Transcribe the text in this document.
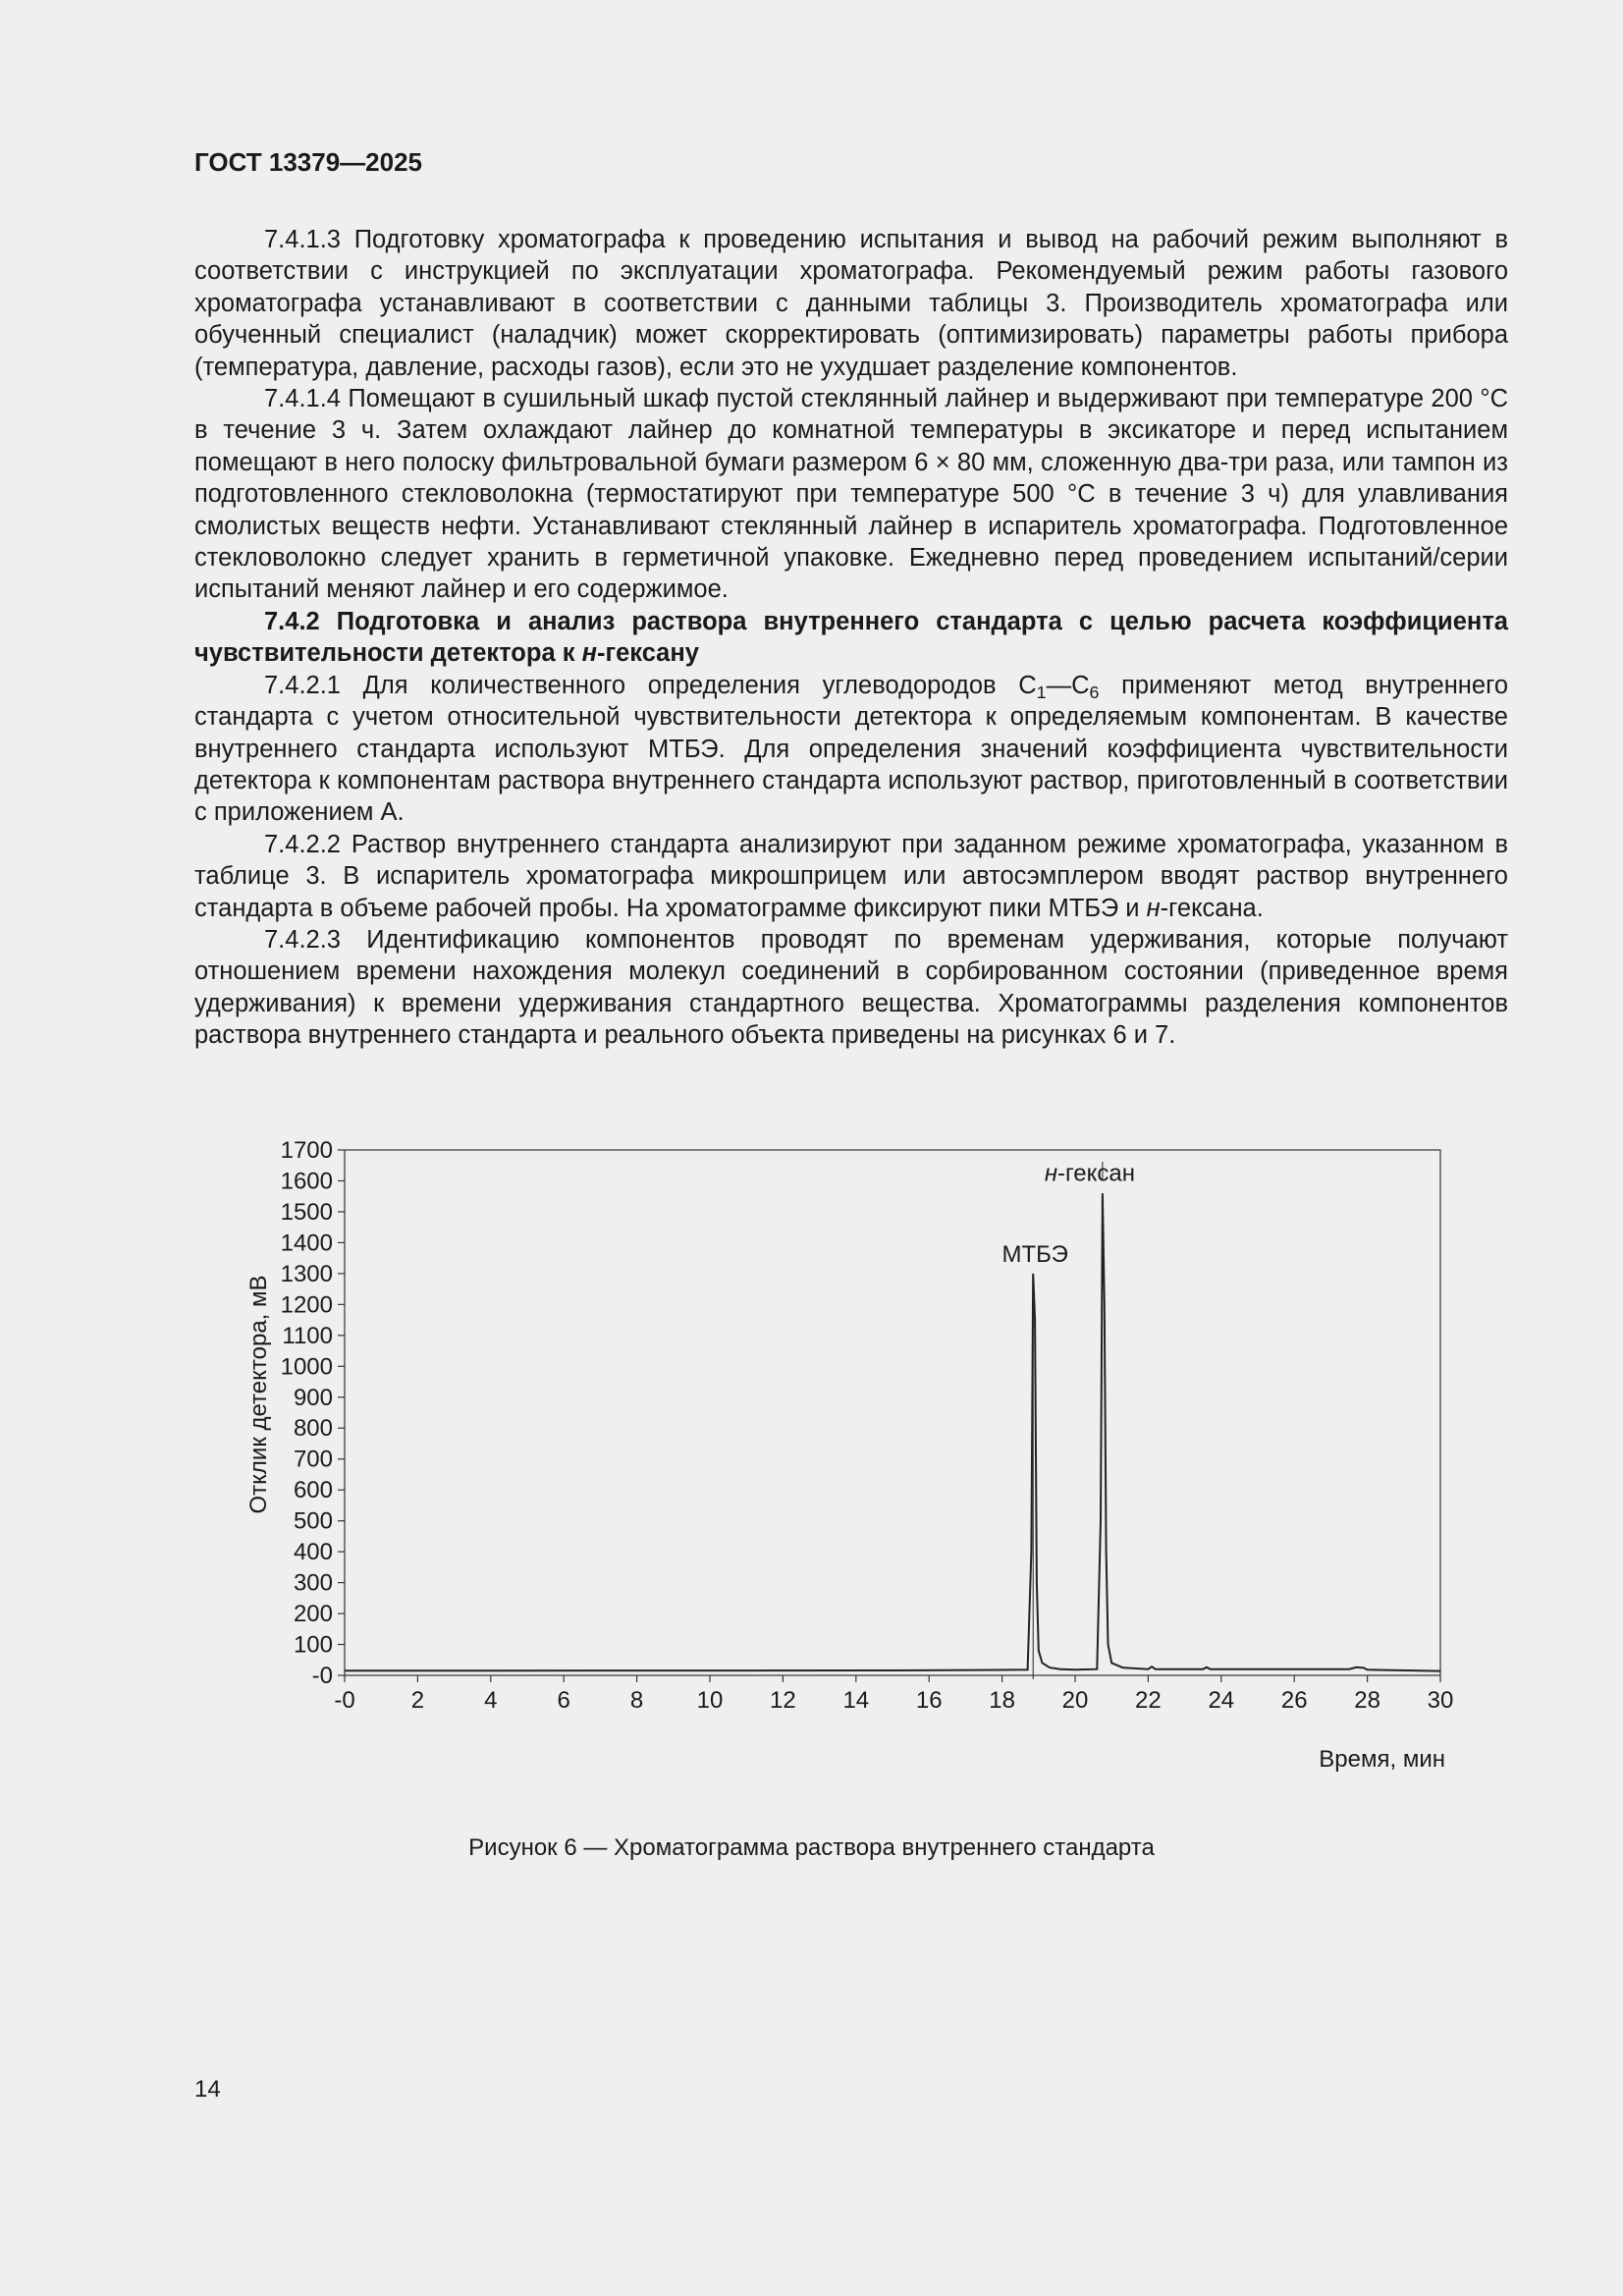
ГОСТ 13379—2025

7.4.1.3 Подготовку хроматографа к проведению испытания и вывод на рабочий режим выполняют в соответствии с инструкцией по эксплуатации хроматографа. Рекомендуемый режим работы газового хроматографа устанавливают в соответствии с данными таблицы 3. Производитель хроматографа или обученный специалист (наладчик) может скорректировать (оптимизировать) параметры работы прибора (температура, давление, расходы газов), если это не ухудшает разделение компонентов.

7.4.1.4 Помещают в сушильный шкаф пустой стеклянный лайнер и выдерживают при температуре 200 °С в течение 3 ч. Затем охлаждают лайнер до комнатной температуры в эксикаторе и перед испытанием помещают в него полоску фильтровальной бумаги размером 6 × 80 мм, сложенную два-три раза, или тампон из подготовленного стекловолокна (термостатируют при температуре 500 °С в течение 3 ч) для улавливания смолистых веществ нефти. Устанавливают стеклянный лайнер в испаритель хроматографа. Подготовленное стекловолокно следует хранить в герметичной упаковке. Ежедневно перед проведением испытаний/серии испытаний меняют лайнер и его содержимое.

7.4.2 Подготовка и анализ раствора внутреннего стандарта с целью расчета коэффициента чувствительности детектора к н-гексану

7.4.2.1 Для количественного определения углеводородов $С_1—С_6$ применяют метод внутреннего стандарта с учетом относительной чувствительности детектора к определяемым компонентам. В качестве внутреннего стандарта используют МТБЭ. Для определения значений коэффициента чувствительности детектора к компонентам раствора внутреннего стандарта используют раствор, приготовленный в соответствии с приложением А.

7.4.2.2 Раствор внутреннего стандарта анализируют при заданном режиме хроматографа, указанном в таблице 3. В испаритель хроматографа микрошприцем или автосэмплером вводят раствор внутреннего стандарта в объеме рабочей пробы. На хроматограмме фиксируют пики МТБЭ и н-гексана.

7.4.2.3 Идентификацию компонентов проводят по временам удерживания, которые получают отношением времени нахождения молекул соединений в сорбированном состоянии (приведенное время удерживания) к времени удерживания стандартного вещества. Хроматограммы разделения компонентов раствора внутреннего стандарта и реального объекта приведены на рисунках 6 и 7.

-0 2	4	6	8 10 12 14 16 18 20 22 24 26 28 30
-0
100
200
300
400
500
600
700
800
900
1000
1100
1200
1300
1400
1500
1600
1700
МТБЭ
н-гексан
Отклик детектора, мВ
Время, мин
Рисунок 6 — Хроматограмма раствора внутреннего стандарта
14
